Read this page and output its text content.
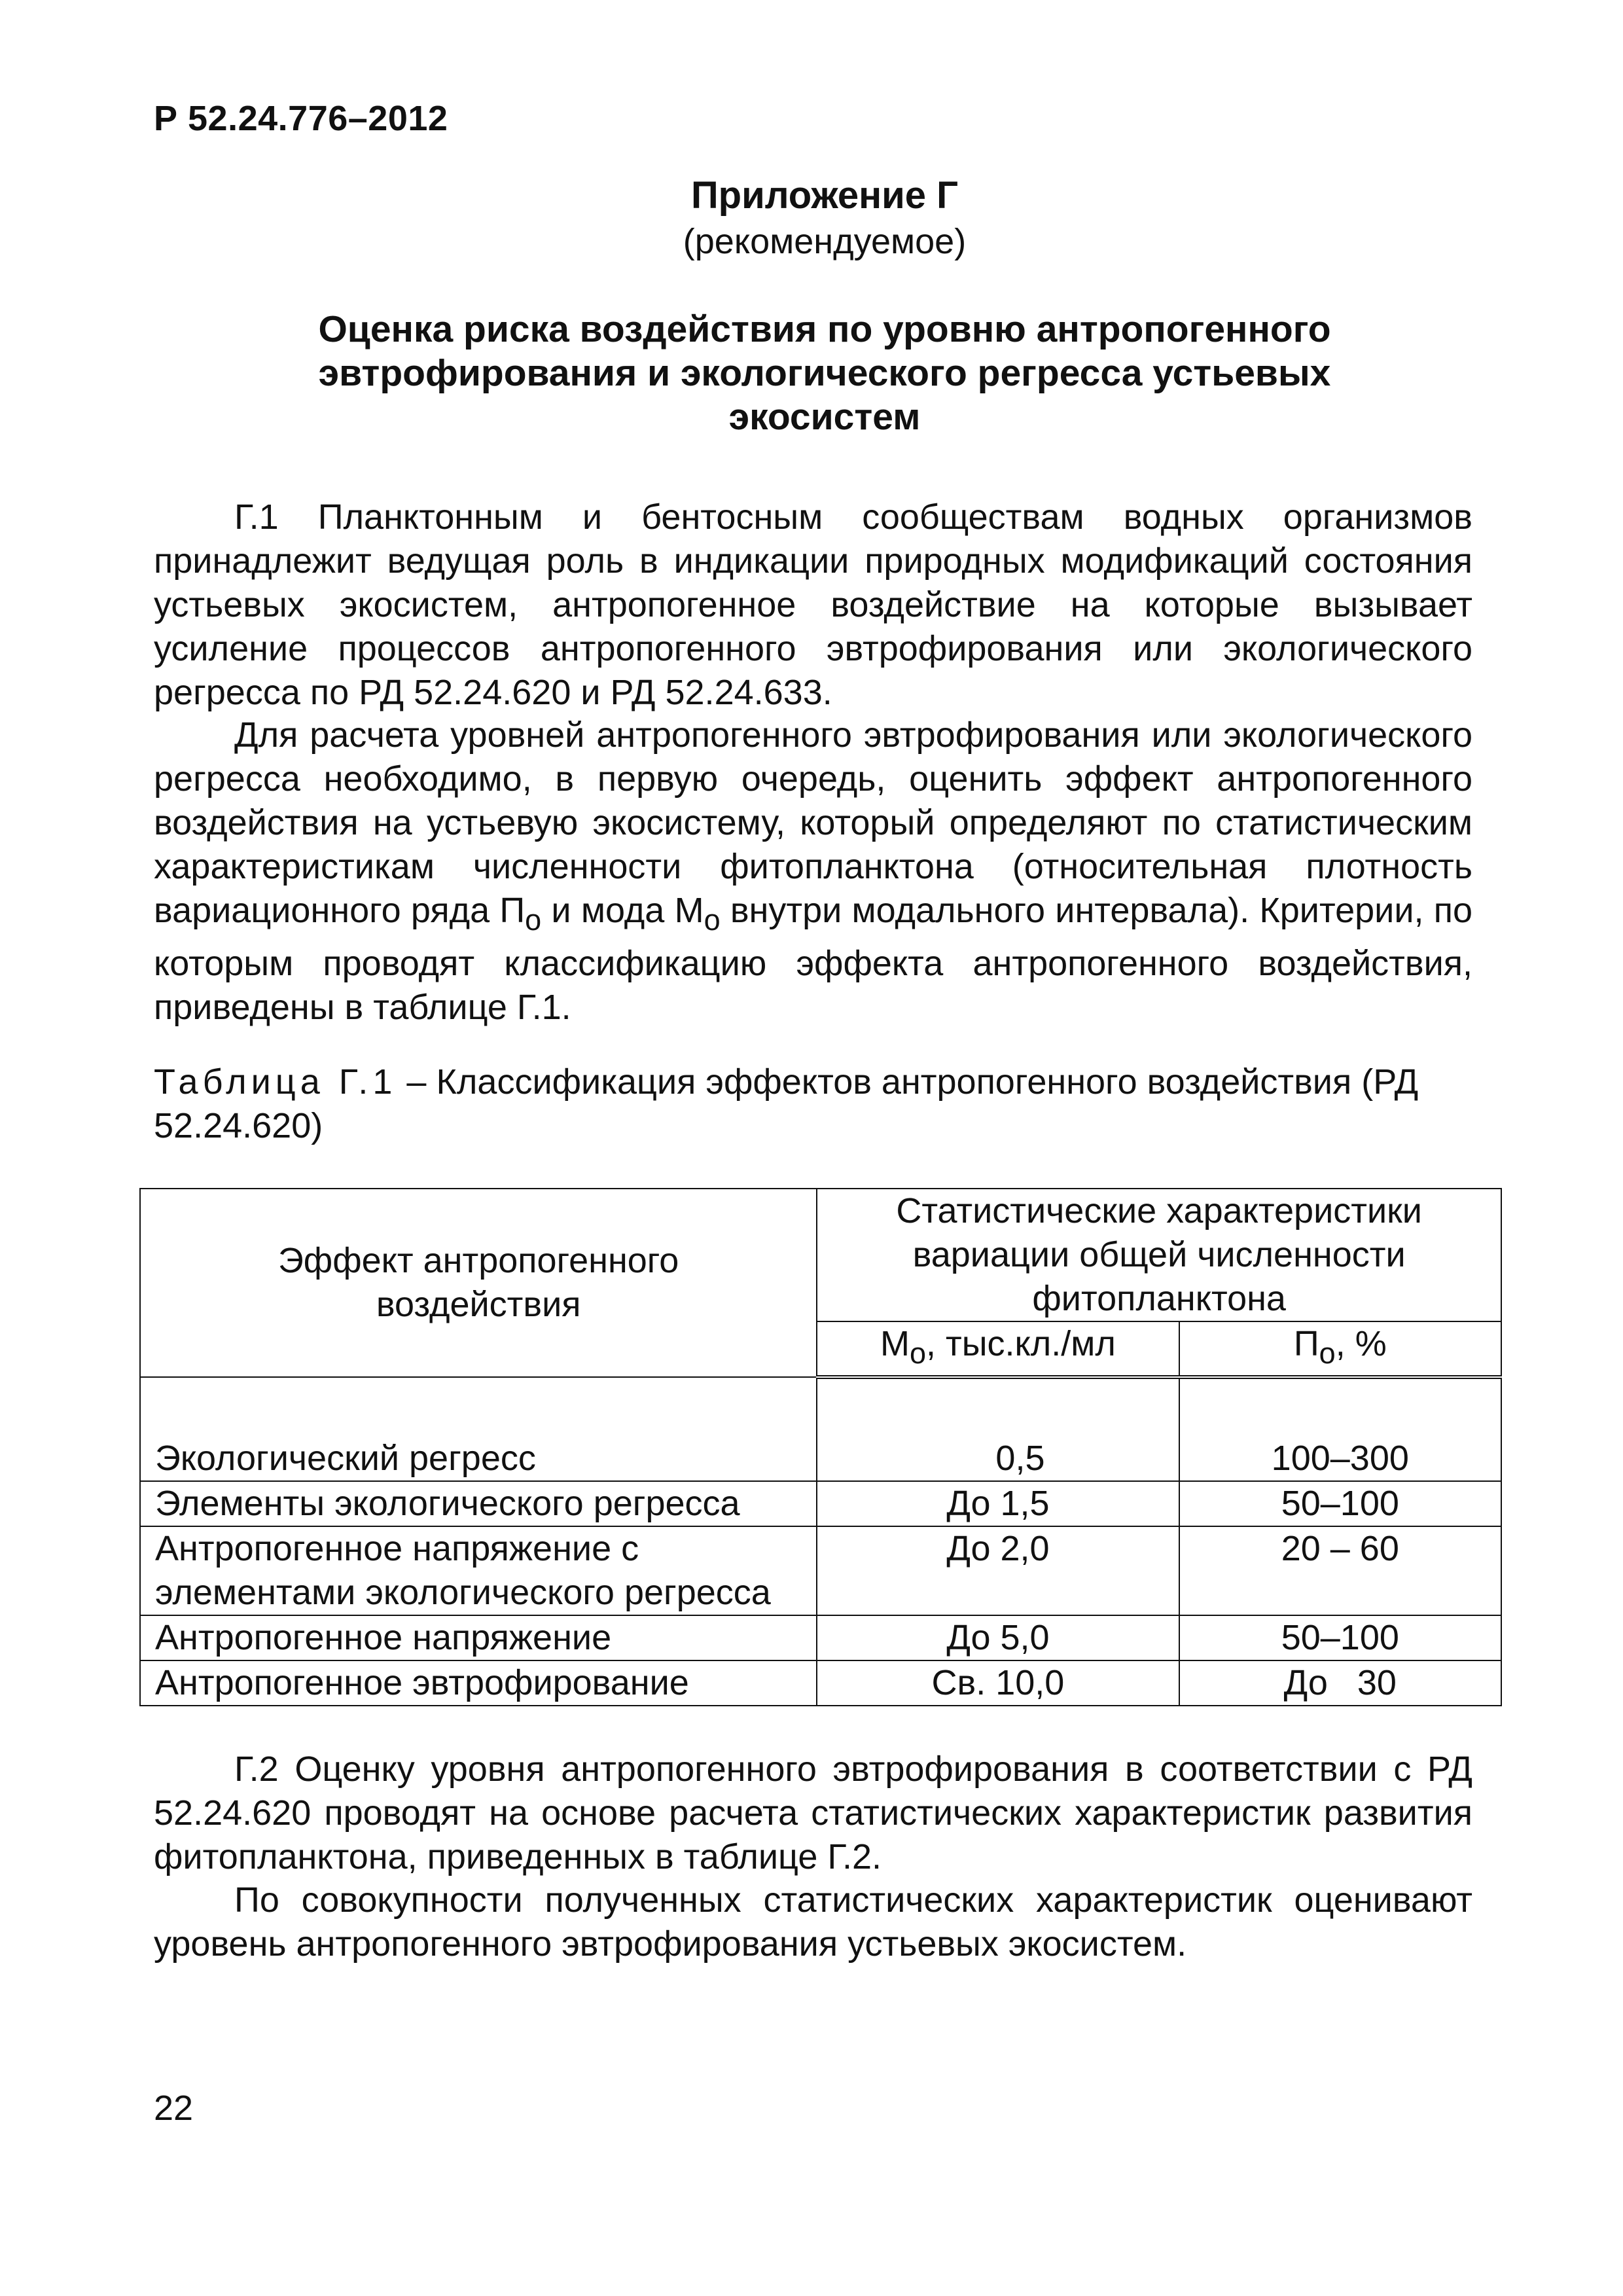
Р 52.24.776–2012
Приложение Г
(рекомендуемое)
Оценка риска воздействия по уровню антропогенного
эвтрофирования и экологического регресса устьевых
экосистем

Г.1 Планктонным и бентосным сообществам водных организмов принадлежит ведущая роль в индикации природных модификаций состояния устьевых экосистем, антропогенное воздействие на которые вызывает усиление процессов антропогенного эвтрофирования или экологического регресса по РД 52.24.620 и РД 52.24.633.

Для расчета уровней антропогенного эвтрофирования или экологического регресса необходимо, в первую очередь, оценить эффект антропогенного воздействия на устьевую экосистему, который определяют по статистическим характеристикам численности фитопланктона (относительная плотность вариационного ряда $П_о$ и мода $М_о$ внутри модального интервала). Критерии, по которым проводят классификацию эффекта антропогенного воздействия, приведены в таблице Г.1.

Таблица Г.1 – Классификация эффектов антропогенного воздействия (РД 52.24.620)
Эффект антропогенного воздействия	Статистические характеристики вариации общей численности фитопланктона	
	$М_о$, тыс.кл./мл	$П_о$, %
Экологический регресс	0,5	100–300
Элементы экологического регресса	До 1,5	50–100
Антропогенное напряжение с элементами экологического регресса	До 2,0	20 – 60
Антропогенное напряжение	До 5,0	50–100
Антропогенное эвтрофирование	Св. 10,0	До   30

Г.2 Оценку уровня антропогенного эвтрофирования в соответствии с РД 52.24.620 проводят на основе расчета статистических характеристик развития фитопланктона, приведенных в таблице Г.2.

По совокупности полученных статистических характеристик оценивают уровень антропогенного эвтрофирования устьевых экосистем.

22
